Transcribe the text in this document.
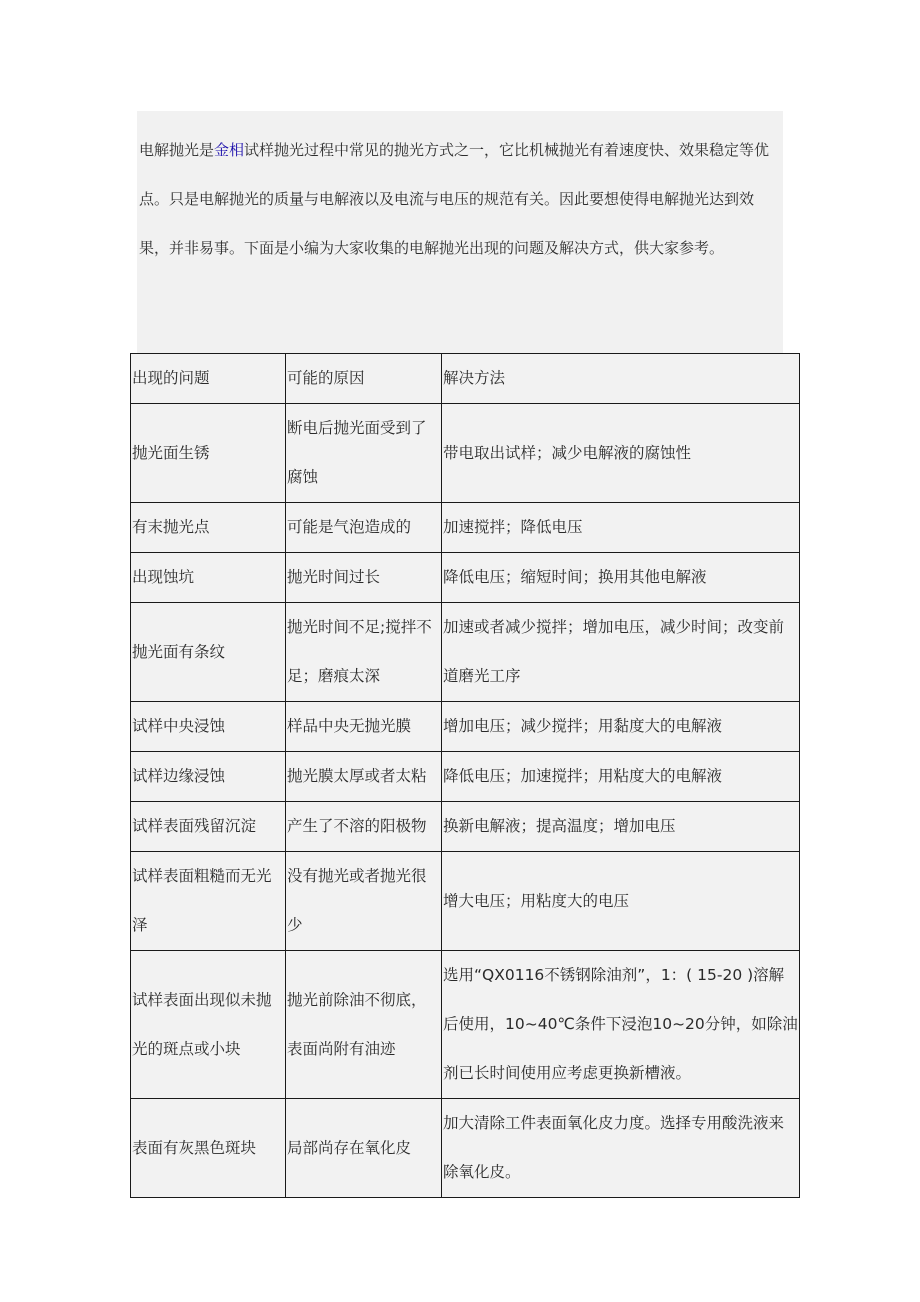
电解抛光是金相试样抛光过程中常见的抛光方式之一，它比机械抛光有着速度快、效果稳定等优点。只是电解抛光的质量与电解液以及电流与电压的规范有关。因此要想使得电解抛光达到效果，并非易事。下面是小编为大家收集的电解抛光出现的问题及解决方式，供大家参考。
出现的问题	可能的原因	解决方法
抛光面生锈	断电后抛光面受到了腐蚀	带电取出试样；减少电解液的腐蚀性
有末抛光点	可能是气泡造成的	加速搅拌；降低电压
出现蚀坑	抛光时间过长	降低电压；缩短时间；换用其他电解液
抛光面有条纹	抛光时间不足;搅拌不足；磨痕太深	加速或者减少搅拌；增加电压，减少时间；改变前道磨光工序
试样中央浸蚀	样品中央无抛光膜	增加电压；减少搅拌；用黏度大的电解液
试样边缘浸蚀	抛光膜太厚或者太粘	降低电压；加速搅拌；用粘度大的电解液
试样表面残留沉淀	产生了不溶的阳极物	换新电解液；提高温度；增加电压
试样表面粗糙而无光泽	没有抛光或者抛光很少	增大电压；用粘度大的电压
试样表面出现似未抛光的斑点或小块	抛光前除油不彻底，表面尚附有油迹	选用“QX0116不锈钢除油剂”，1：( 15-20 )溶解后使用，10~40℃条件下浸泡10~20分钟，如除油剂已长时间使用应考虑更换新槽液。
表面有灰黑色斑块	局部尚存在氧化皮	加大清除工件表面氧化皮力度。选择专用酸洗液来除氧化皮。
